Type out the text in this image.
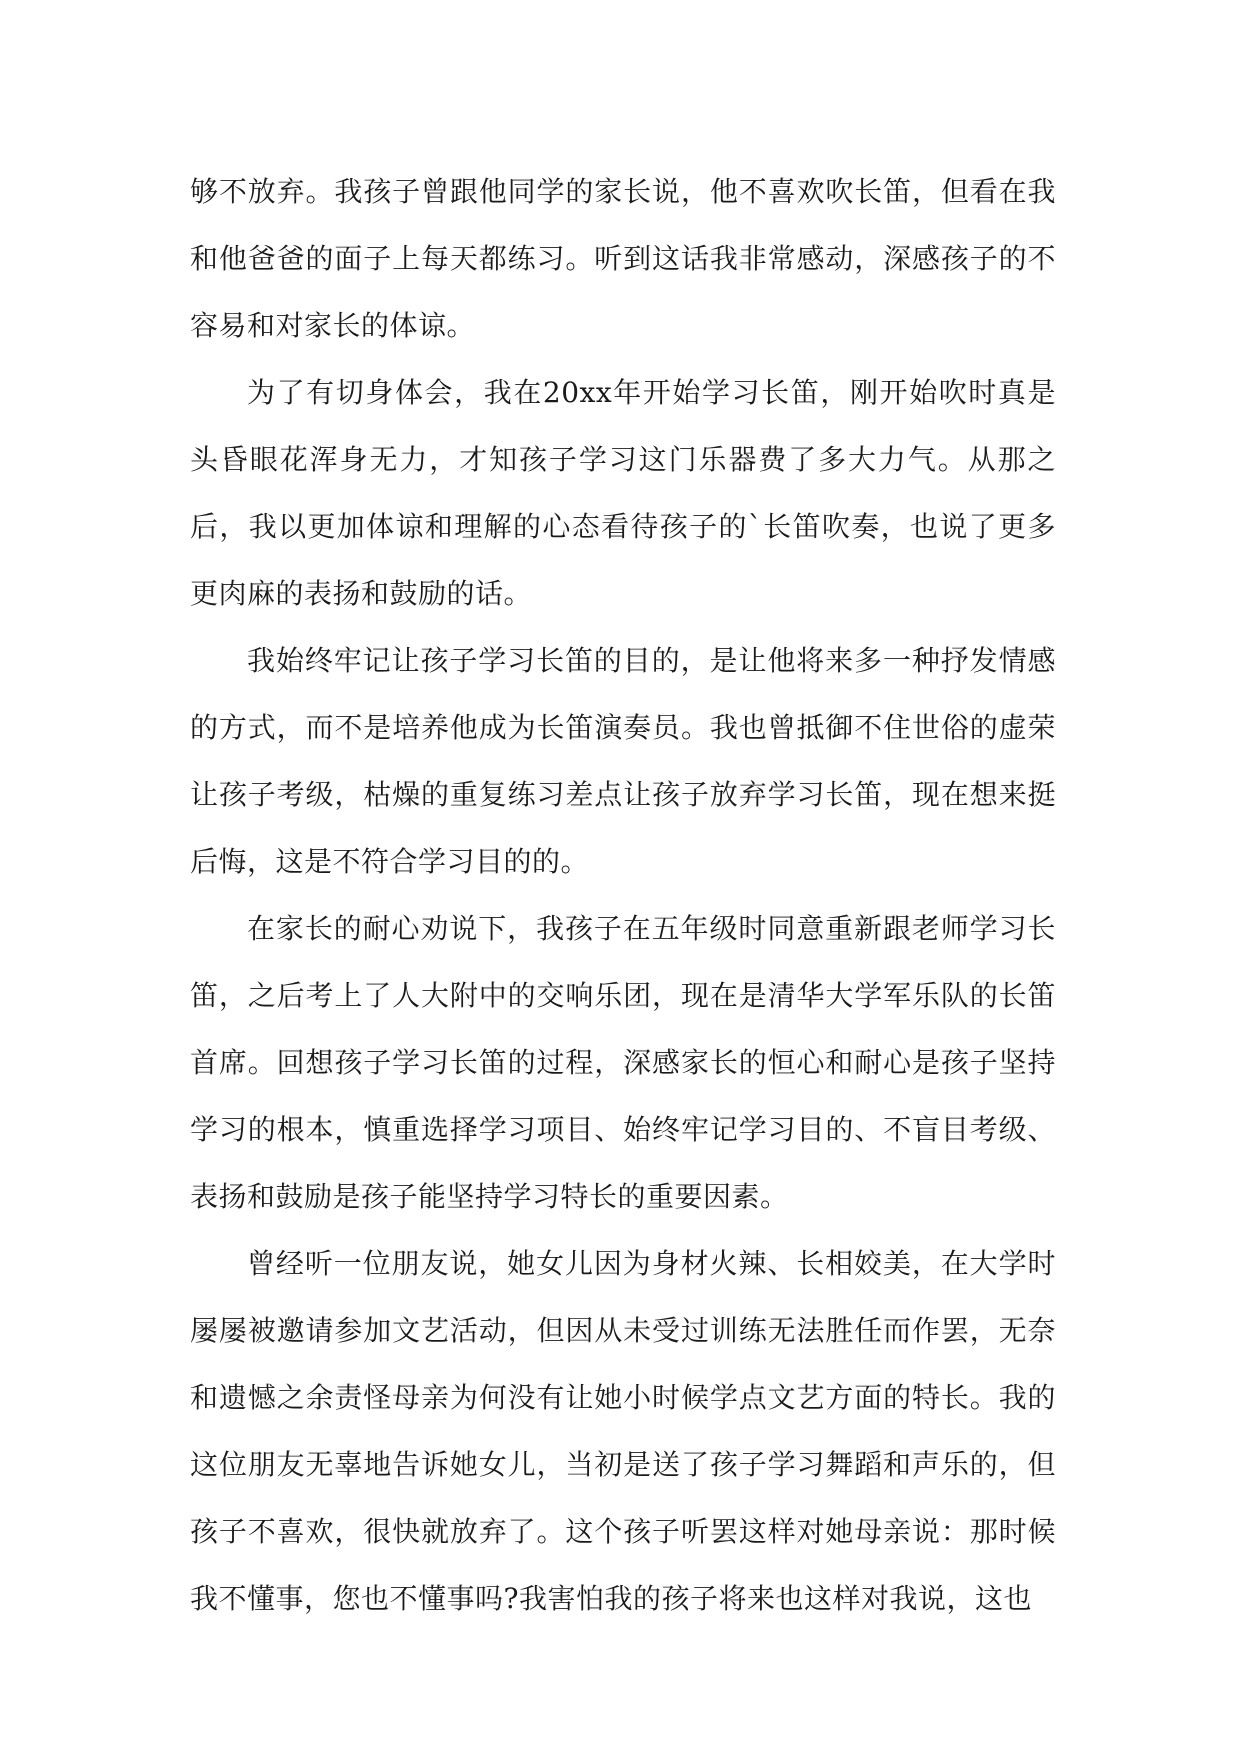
够不放弃。我孩子曾跟他同学的家长说，他不喜欢吹长笛，但看在我和他爸爸的面子上每天都练习。听到这话我非常感动，深感孩子的不容易和对家长的体谅。

为了有切身体会，我在20xx年开始学习长笛，刚开始吹时真是头昏眼花浑身无力，才知孩子学习这门乐器费了多大力气。从那之后，我以更加体谅和理解的心态看待孩子的`长笛吹奏，也说了更多更肉麻的表扬和鼓励的话。

我始终牢记让孩子学习长笛的目的，是让他将来多一种抒发情感的方式，而不是培养他成为长笛演奏员。我也曾抵御不住世俗的虚荣让孩子考级，枯燥的重复练习差点让孩子放弃学习长笛，现在想来挺后悔，这是不符合学习目的的。

在家长的耐心劝说下，我孩子在五年级时同意重新跟老师学习长笛，之后考上了人大附中的交响乐团，现在是清华大学军乐队的长笛首席。回想孩子学习长笛的过程，深感家长的恒心和耐心是孩子坚持学习的根本，慎重选择学习项目、始终牢记学习目的、不盲目考级、表扬和鼓励是孩子能坚持学习特长的重要因素。

曾经听一位朋友说，她女儿因为身材火辣、长相姣美，在大学时屡屡被邀请参加文艺活动，但因从未受过训练无法胜任而作罢，无奈和遗憾之余责怪母亲为何没有让她小时候学点文艺方面的特长。我的这位朋友无辜地告诉她女儿，当初是送了孩子学习舞蹈和声乐的，但孩子不喜欢，很快就放弃了。这个孩子听罢这样对她母亲说：那时候我不懂事，您也不懂事吗?我害怕我的孩子将来也这样对我说，这也
